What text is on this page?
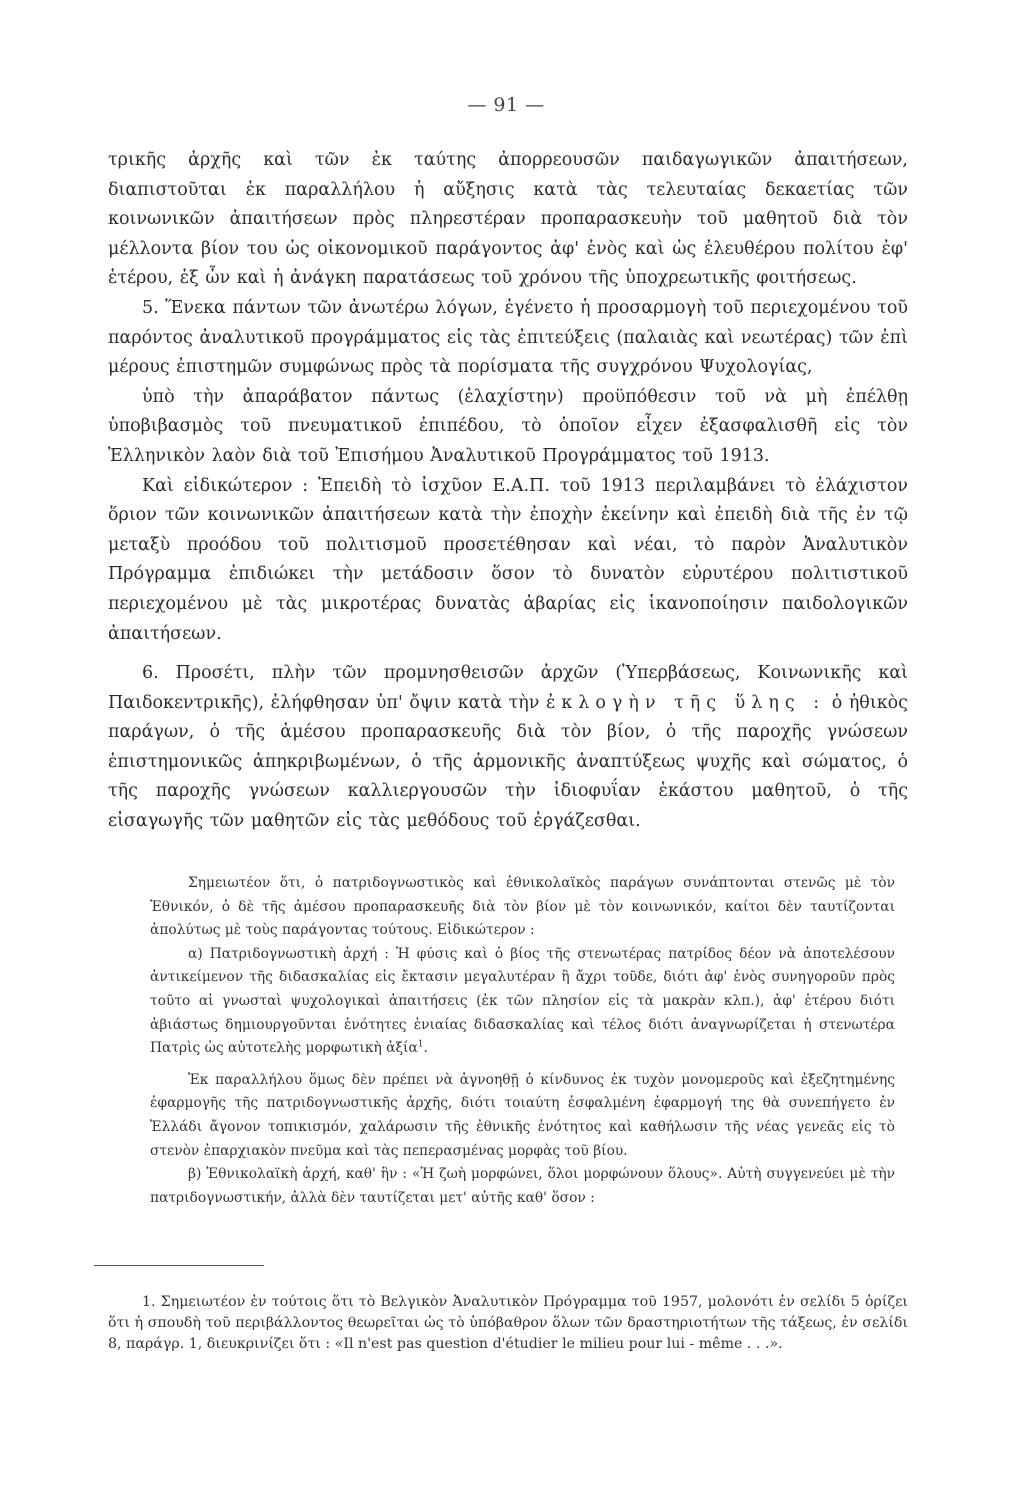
— 91 —

τρικῆς ἀρχῆς καὶ τῶν ἐκ ταύτης ἀπορρεουσῶν παιδαγωγικῶν ἀπαιτήσεων, διαπιστοῦται ἐκ παραλλήλου ἡ αὔξησις κατὰ τὰς τελευταίας δεκαετίας τῶν κοινωνικῶν ἀπαιτήσεων πρὸς πληρεστέραν προπαρασκευὴν τοῦ μαθητοῦ διὰ τὸν μέλλοντα βίον του ὡς οἰκονομικοῦ παράγοντος ἀφ' ἑνὸς καὶ ὡς ἐλευθέρου πολίτου ἐφ' ἑτέρου, ἐξ ὧν καὶ ἡ ἀνάγκη παρατάσεως τοῦ χρόνου τῆς ὑποχρεωτικῆς φοιτήσεως.

5. Ἕνεκα πάντων τῶν ἀνωτέρω λόγων, ἐγένετο ἡ προσαρμογὴ τοῦ περιεχομένου τοῦ παρόντος ἀναλυτικοῦ προγράμματος εἰς τὰς ἐπιτεύξεις (παλαιὰς καὶ νεωτέρας) τῶν ἐπὶ μέρους ἐπιστημῶν συμφώνως πρὸς τὰ πορίσματα τῆς συγχρόνου Ψυχολογίας,

ὑπὸ τὴν ἀπαράβατον πάντως (ἐλαχίστην) προϋπόθεσιν τοῦ νὰ μὴ ἐπέλθῃ ὑποβιβασμὸς τοῦ πνευματικοῦ ἐπιπέδου, τὸ ὁποῖον εἶχεν ἐξασφαλισθῆ εἰς τὸν Ἑλληνικὸν λαὸν διὰ τοῦ Ἐπισήμου Ἀναλυτικοῦ Προγράμματος τοῦ 1913.

Καὶ εἰδικώτερον : Ἐπειδὴ τὸ ἰσχῦον Ε.Α.Π. τοῦ 1913 περιλαμβάνει τὸ ἐλάχιστον ὅριον τῶν κοινωνικῶν ἀπαιτήσεων κατὰ τὴν ἐποχὴν ἐκείνην καὶ ἐπειδὴ διὰ τῆς ἐν τῷ μεταξὺ προόδου τοῦ πολιτισμοῦ προσετέθησαν καὶ νέαι, τὸ παρὸν Ἀναλυτικὸν Πρόγραμμα ἐπιδιώκει τὴν μετάδοσιν ὅσον τὸ δυνατὸν εὐρυτέρου πολιτιστικοῦ περιεχομένου μὲ τὰς μικροτέρας δυνατὰς ἀβαρίας εἰς ἱκανοποίησιν παιδολογικῶν ἀπαιτήσεων.

6. Προσέτι, πλὴν τῶν προμνησθεισῶν ἀρχῶν (Ὑπερβάσεως, Κοινωνικῆς καὶ Παιδοκεντρικῆς), ἐλήφθησαν ὑπ' ὄψιν κατὰ τὴν ἐκλογὴν τῆς ὕλης : ὁ ἠθικὸς παράγων, ὁ τῆς ἀμέσου προπαρασκευῆς διὰ τὸν βίον, ὁ τῆς παροχῆς γνώσεων ἐπιστημονικῶς ἀπηκριβωμένων, ὁ τῆς ἁρμονικῆς ἀναπτύξεως ψυχῆς καὶ σώματος, ὁ τῆς παροχῆς γνώσεων καλλιεργουσῶν τὴν ἰδιοφυΐαν ἑκάστου μαθητοῦ, ὁ τῆς εἰσαγωγῆς τῶν μαθητῶν εἰς τὰς μεθόδους τοῦ ἐργάζεσθαι.

Σημειωτέον ὅτι, ὁ πατριδογνωστικὸς καὶ ἐθνικολαϊκὸς παράγων συνάπτονται στενῶς μὲ τὸν Ἐθνικόν, ὁ δὲ τῆς ἀμέσου προπαρασκευῆς διὰ τὸν βίον μὲ τὸν κοινωνικόν, καίτοι δὲν ταυτίζονται ἀπολύτως μὲ τοὺς παράγοντας τούτους. Εἰδικώτερον :

α) Πατριδογνωστικὴ ἀρχή : Ἡ φύσις καὶ ὁ βίος τῆς στενωτέρας πατρίδος δέον νὰ ἀποτελέσουν ἀντικείμενον τῆς διδασκαλίας εἰς ἔκτασιν μεγαλυτέραν ἢ ἄχρι τοῦδε, διότι ἀφ' ἑνὸς συνηγοροῦν πρὸς τοῦτο αἱ γνωσταὶ ψυχολογικαὶ ἀπαιτήσεις (ἐκ τῶν πλησίον εἰς τὰ μακρὰν κλπ.), ἀφ' ἑτέρου διότι ἀβιάστως δημιουργοῦνται ἑνότητες ἑνιαίας διδασκαλίας καὶ τέλος διότι ἀναγνωρίζεται ἡ στενωτέρα Πατρὶς ὡς αὐτοτελὴς μορφωτικὴ ἀξία$^1$.

Ἐκ παραλλήλου ὅμως δὲν πρέπει νὰ ἀγνοηθῇ ὁ κίνδυνος ἐκ τυχὸν μονομεροῦς καὶ ἐξεζητημένης ἐφαρμογῆς τῆς πατριδογνωστικῆς ἀρχῆς, διότι τοιαύτη ἐσφαλμένη ἐφαρμογή της θὰ συνεπήγετο ἐν Ἑλλάδι ἄγονον τοπικισμόν, χαλάρωσιν τῆς ἐθνικῆς ἑνότητος καὶ καθήλωσιν τῆς νέας γενεᾶς εἰς τὸ στενὸν ἐπαρχιακὸν πνεῦμα καὶ τὰς πεπερασμένας μορφὰς τοῦ βίου.

β) Ἐθνικολαϊκὴ ἀρχή, καθ' ἣν : «Ἡ ζωὴ μορφώνει, ὅλοι μορφώνουν ὅλους». Αὐτὴ συγγενεύει μὲ τὴν πατριδογνωστικήν, ἀλλὰ δὲν ταυτίζεται μετ' αὐτῆς καθ' ὅσον :

1. Σημειωτέον ἐν τούτοις ὅτι τὸ Βελγικὸν Ἀναλυτικὸν Πρόγραμμα τοῦ 1957, μολονότι ἐν σελίδι 5 ὁρίζει ὅτι ἡ σπουδὴ τοῦ περιβάλλοντος θεωρεῖται ὡς τὸ ὑπόβαθρον ὅλων τῶν δραστηριοτήτων τῆς τάξεως, ἐν σελίδι 8, παράγρ. 1, διευκρινίζει ὅτι : «Il n'est pas question d'étudier le milieu pour lui - même . . .».
